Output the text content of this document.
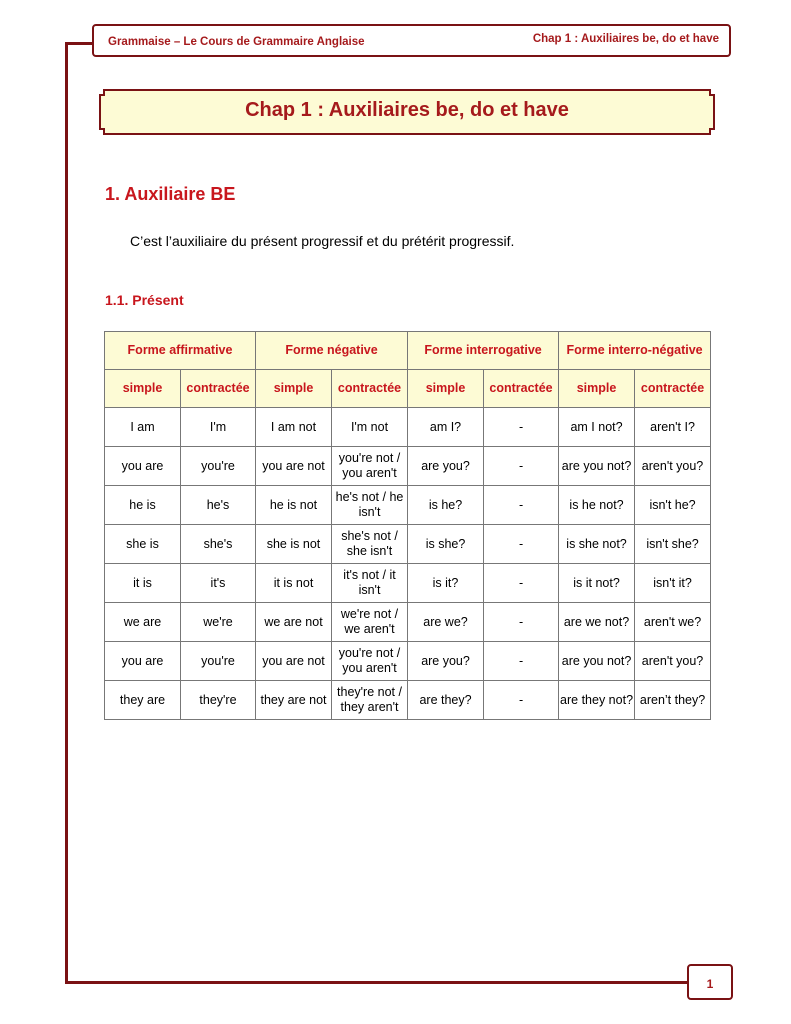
Grammaise – Le Cours de Grammaire Anglaise	Chap 1 : Auxiliaires be, do et have
Chap 1 : Auxiliaires be, do et have
1. Auxiliaire BE
C’est l’auxiliaire du présent progressif et du prétérit progressif.
1.1. Présent
Forme affirmative		Forme négative		Forme interrogative		Forme interro-négative	
simple	contractée	simple	contractée	simple	contractée	simple	contractée
I am	I'm	I am not	I'm not	am I?	-	am I not?	aren't I?
you are	you're	you are not	you're not / you aren't	are you?	-	are you not?	aren't you?
he is	he's	he is not	he's not / he isn't	is he?	-	is he not?	isn't he?
she is	she's	she is not	she's not / she isn't	is she?	-	is she not?	isn't she?
it is	it's	it is not	it's not / it isn't	is it?	-	is it not?	isn't it?
we are	we're	we are not	we're not / we aren't	are we?	-	are we not?	aren't we?
you are	you're	you are not	you're not / you aren't	are you?	-	are you not?	aren't you?
they are	they're	they are not	they're not / they aren't	are they?	-	are they not?	aren’t they?
1
